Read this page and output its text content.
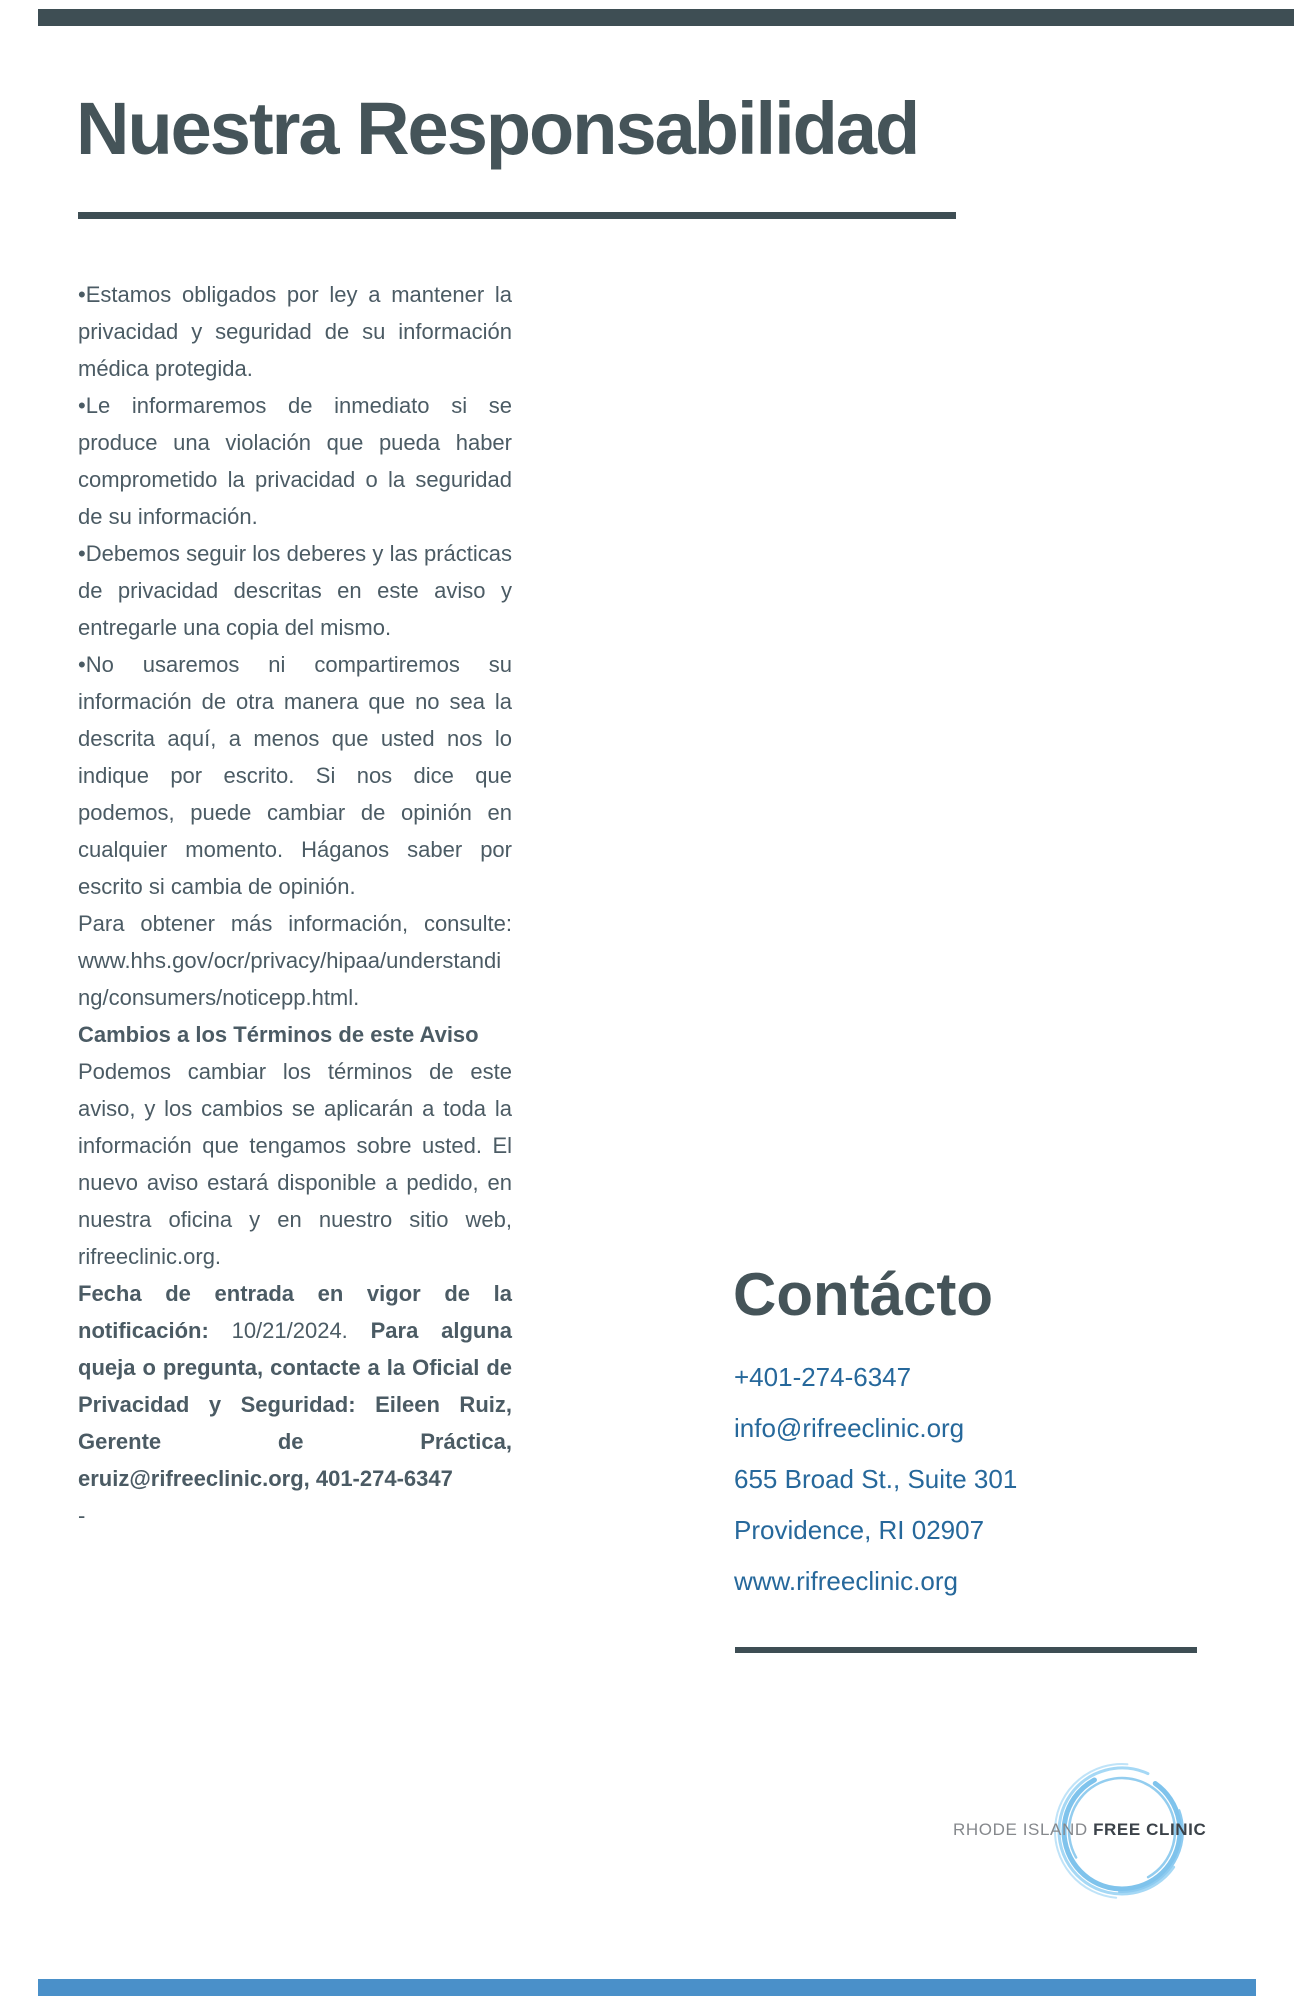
Nuestra Responsabilidad

•Estamos obligados por ley a mantener la privacidad y seguridad de su información médica protegida.

•Le informaremos de inmediato si se produce una violación que pueda haber comprometido la privacidad o la seguridad de su información.

•Debemos seguir los deberes y las prácticas de privacidad descritas en este aviso y entregarle una copia del mismo.

•No usaremos ni compartiremos su información de otra manera que no sea la descrita aquí, a menos que usted nos lo indique por escrito. Si nos dice que podemos, puede cambiar de opinión en cualquier momento. Háganos saber por escrito si cambia de opinión.

Para obtener más información, consulte:

www.hhs.gov/ocr/privacy/hipaa/understanding/consumers/noticepp.html.

Cambios a los Términos de este Aviso

Podemos cambiar los términos de este aviso, y los cambios se aplicarán a toda la información que tengamos sobre usted. El nuevo aviso estará disponible a pedido, en nuestra oficina y en nuestro sitio web, rifreeclinic.org.

Fecha de entrada en vigor de la notificación: 10/21/2024. Para alguna queja o pregunta, contacte a la Oficial de Privacidad y Seguridad: Eileen Ruiz, Gerente de Práctica, eruiz@rifreeclinic.org, 401-274-6347

-

Contácto
+401-274-6347
info@rifreeclinic.org
655 Broad St., Suite 301
Providence, RI 02907
www.rifreeclinic.org
RHODE ISLAND FREE CLINIC
